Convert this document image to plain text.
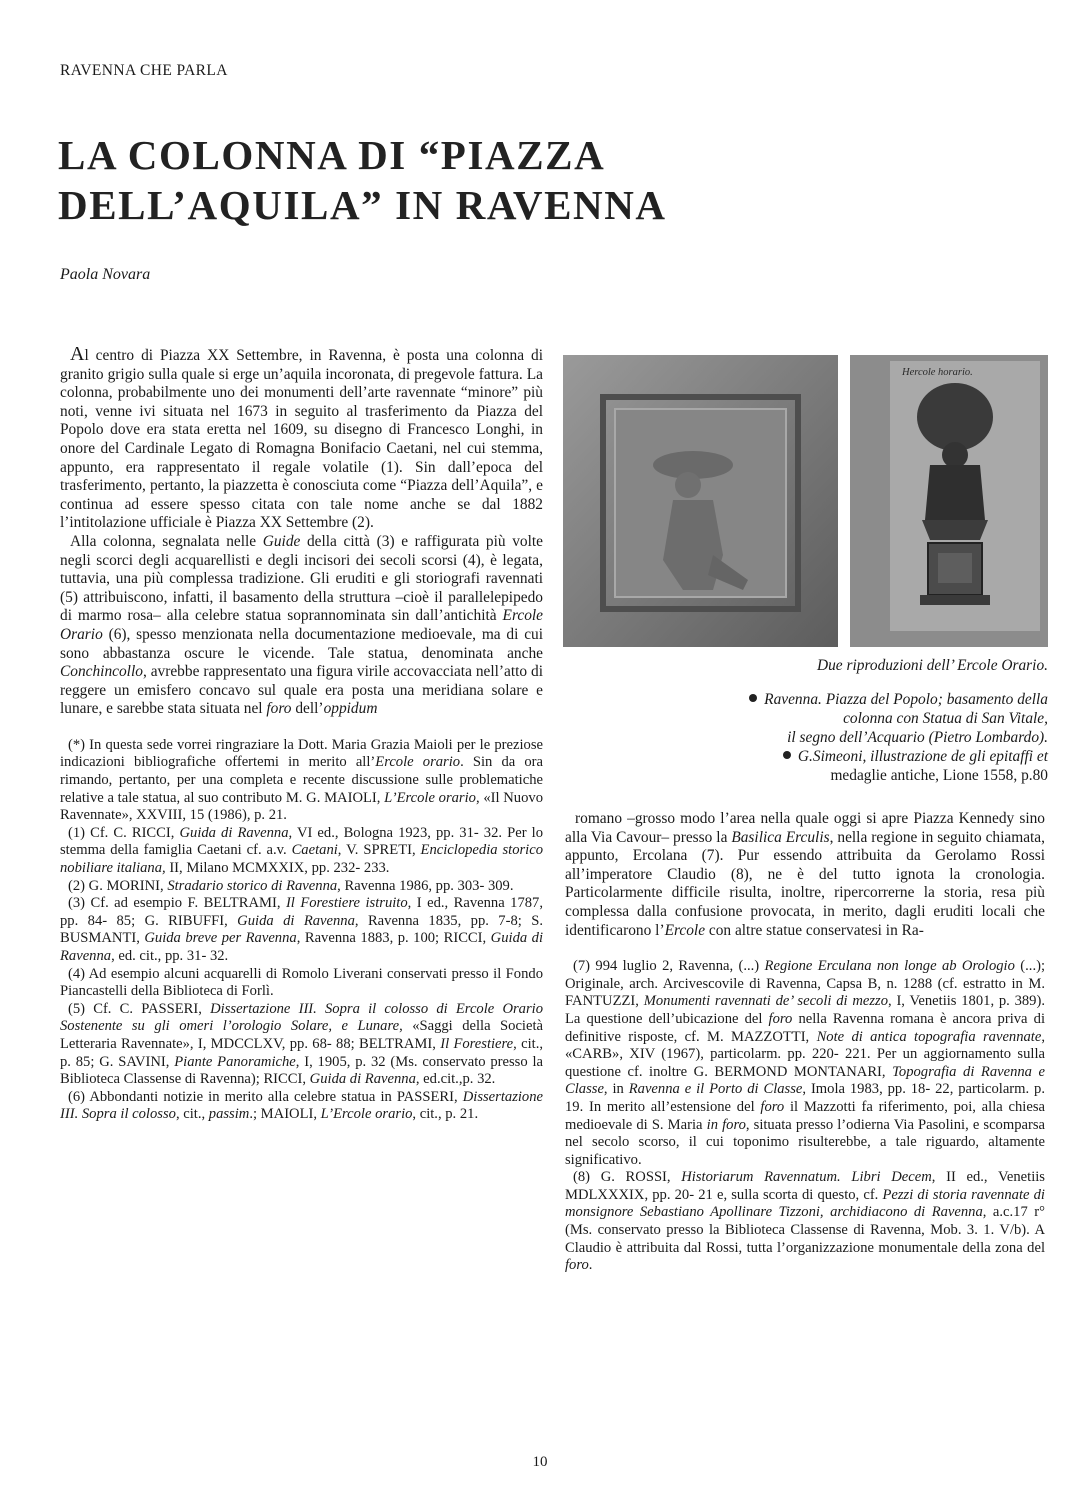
RAVENNA CHE PARLA
LA COLONNA DI “PIAZZA
DELL’AQUILA” IN RAVENNA
Paola Novara

Al centro di Piazza XX Settembre, in Ravenna, è posta una colonna di granito grigio sulla quale si erge un’aquila incoronata, di pregevole fattura. La colonna, probabilmente uno dei monumenti dell’arte ravennate “minore” più noti, venne ivi situata nel 1673 in seguito al trasferimento da Piazza del Popolo dove era stata eretta nel 1609, su disegno di Francesco Longhi, in onore del Cardinale Legato di Romagna Bonifacio Caetani, nel cui stemma, appunto, era rappresentato il regale volatile (1). Sin dall’epoca del trasferimento, pertanto, la piazzetta è conosciuta come “Piazza dell’Aquila”, e continua ad essere spesso citata con tale nome anche se dal 1882 l’intitolazione ufficiale è Piazza XX Settembre (2).

Alla colonna, segnalata nelle Guide della città (3) e raffigurata più volte negli scorci degli acquarellisti e degli incisori dei secoli scorsi (4), è legata, tuttavia, una più complessa tradizione. Gli eruditi e gli storiografi ravennati (5) attribuiscono, infatti, il basamento della struttura –cioè il parallelepipedo di marmo rosa– alla celebre statua soprannominata sin dall’antichità Ercole Orario (6), spesso menzionata nella documentazione medioevale, ma di cui sono abbastanza oscure le vicende. Tale statua, denominata anche Conchincollo, avrebbe rappresentato una figura virile accovacciata nell’atto di reggere un emisfero concavo sul quale era posta una meridiana solare e lunare, e sarebbe stata situata nel foro dell’oppidum

(*) In questa sede vorrei ringraziare la Dott. Maria Grazia Maioli per le preziose indicazioni bibliografiche offertemi in merito all’Ercole orario. Sin da ora rimando, pertanto, per una completa e recente discussione sulle problematiche relative a tale statua, al suo contributo M. G. MAIOLI, L’Ercole orario, «Il Nuovo Ravennate», XXVIII, 15 (1986), p. 21.

(1) Cf. C. RICCI, Guida di Ravenna, VI ed., Bologna 1923, pp. 31- 32. Per lo stemma della famiglia Caetani cf. a.v. Caetani, V. SPRETI, Enciclopedia storico nobiliare italiana, II, Milano MCMXXIX, pp. 232- 233.

(2) G. MORINI, Stradario storico di Ravenna, Ravenna 1986, pp. 303- 309.

(3) Cf. ad esempio F. BELTRAMI, Il Forestiere istruito, I ed., Ravenna 1787, pp. 84- 85; G. RIBUFFI, Guida di Ravenna, Ravenna 1835, pp. 7-8; S. BUSMANTI, Guida breve per Ravenna, Ravenna 1883, p. 100; RICCI, Guida di Ravenna, ed. cit., pp. 31- 32.

(4) Ad esempio alcuni acquarelli di Romolo Liverani conservati presso il Fondo Piancastelli della Biblioteca di Forlì.

(5) Cf. C. PASSERI, Dissertazione III. Sopra il colosso di Ercole Orario Sostenente su gli omeri l’orologio Solare, e Lunare, «Saggi della Società Letteraria Ravennate», I, MDCCLXV, pp. 68- 88; BELTRAMI, Il Forestiere, cit., p. 85; G. SAVINI, Piante Panoramiche, I, 1905, p. 32 (Ms. conservato presso la Biblioteca Classense di Ravenna); RICCI, Guida di Ravenna, ed.cit.,p. 32.

(6) Abbondanti notizie in merito alla celebre statua in PASSERI, Dissertazione III. Sopra il colosso, cit., passim.; MAIOLI, L’Ercole orario, cit., p. 21.

Hercole horario.
Due riproduzioni dell’ Ercole Orario.

Ravenna. Piazza del Popolo; basamento della

colonna con Statua di San Vitale,

il segno dell’Acquario (Pietro Lombardo).

G.Simeoni, illustrazione de gli epitaffi et

medaglie antiche, Lione 1558, p.80

romano –grosso modo l’area nella quale oggi si apre Piazza Kennedy sino alla Via Cavour– presso la Basilica Erculis, nella regione in seguito chiamata, appunto, Ercolana (7). Pur essendo attribuita da Gerolamo Rossi all’imperatore Claudio (8), ne è del tutto ignota la cronologia. Particolarmente difficile risulta, inoltre, ripercorrerne la storia, resa più complessa dalla confusione provocata, in merito, dagli eruditi locali che identificarono l’Ercole con altre statue conservatesi in Ra-

(7) 994 luglio 2, Ravenna, (...) Regione Erculana non longe ab Orologio (...); Originale, arch. Arcivescovile di Ravenna, Capsa B, n. 1288 (cf. estratto in M. FANTUZZI, Monumenti ravennati de’ secoli di mezzo, I, Venetiis 1801, p. 389). La questione dell’ubicazione del foro nella Ravenna romana è ancora priva di definitive risposte, cf. M. MAZZOTTI, Note di antica topografia ravennate, «CARB», XIV (1967), particolarm. pp. 220- 221. Per un aggiornamento sulla questione cf. inoltre G. BERMOND MONTANARI, Topografia di Ravenna e Classe, in Ravenna e il Porto di Classe, Imola 1983, pp. 18- 22, particolarm. p. 19. In merito all’estensione del foro il Mazzotti fa riferimento, poi, alla chiesa medioevale di S. Maria in foro, situata presso l’odierna Via Pasolini, e scomparsa nel secolo scorso, il cui toponimo risulterebbe, a tale riguardo, altamente significativo.

(8) G. ROSSI, Historiarum Ravennatum. Libri Decem, II ed., Venetiis MDLXXXIX, pp. 20- 21 e, sulla scorta di questo, cf. Pezzi di storia ravennate di monsignore Sebastiano Apollinare Tizzoni, archidiacono di Ravenna, a.c.17 r° (Ms. conservato presso la Biblioteca Classense di Ravenna, Mob. 3. 1. V/b). A Claudio è attribuita dal Rossi, tutta l’organizzazione monumentale della zona del foro.

10
